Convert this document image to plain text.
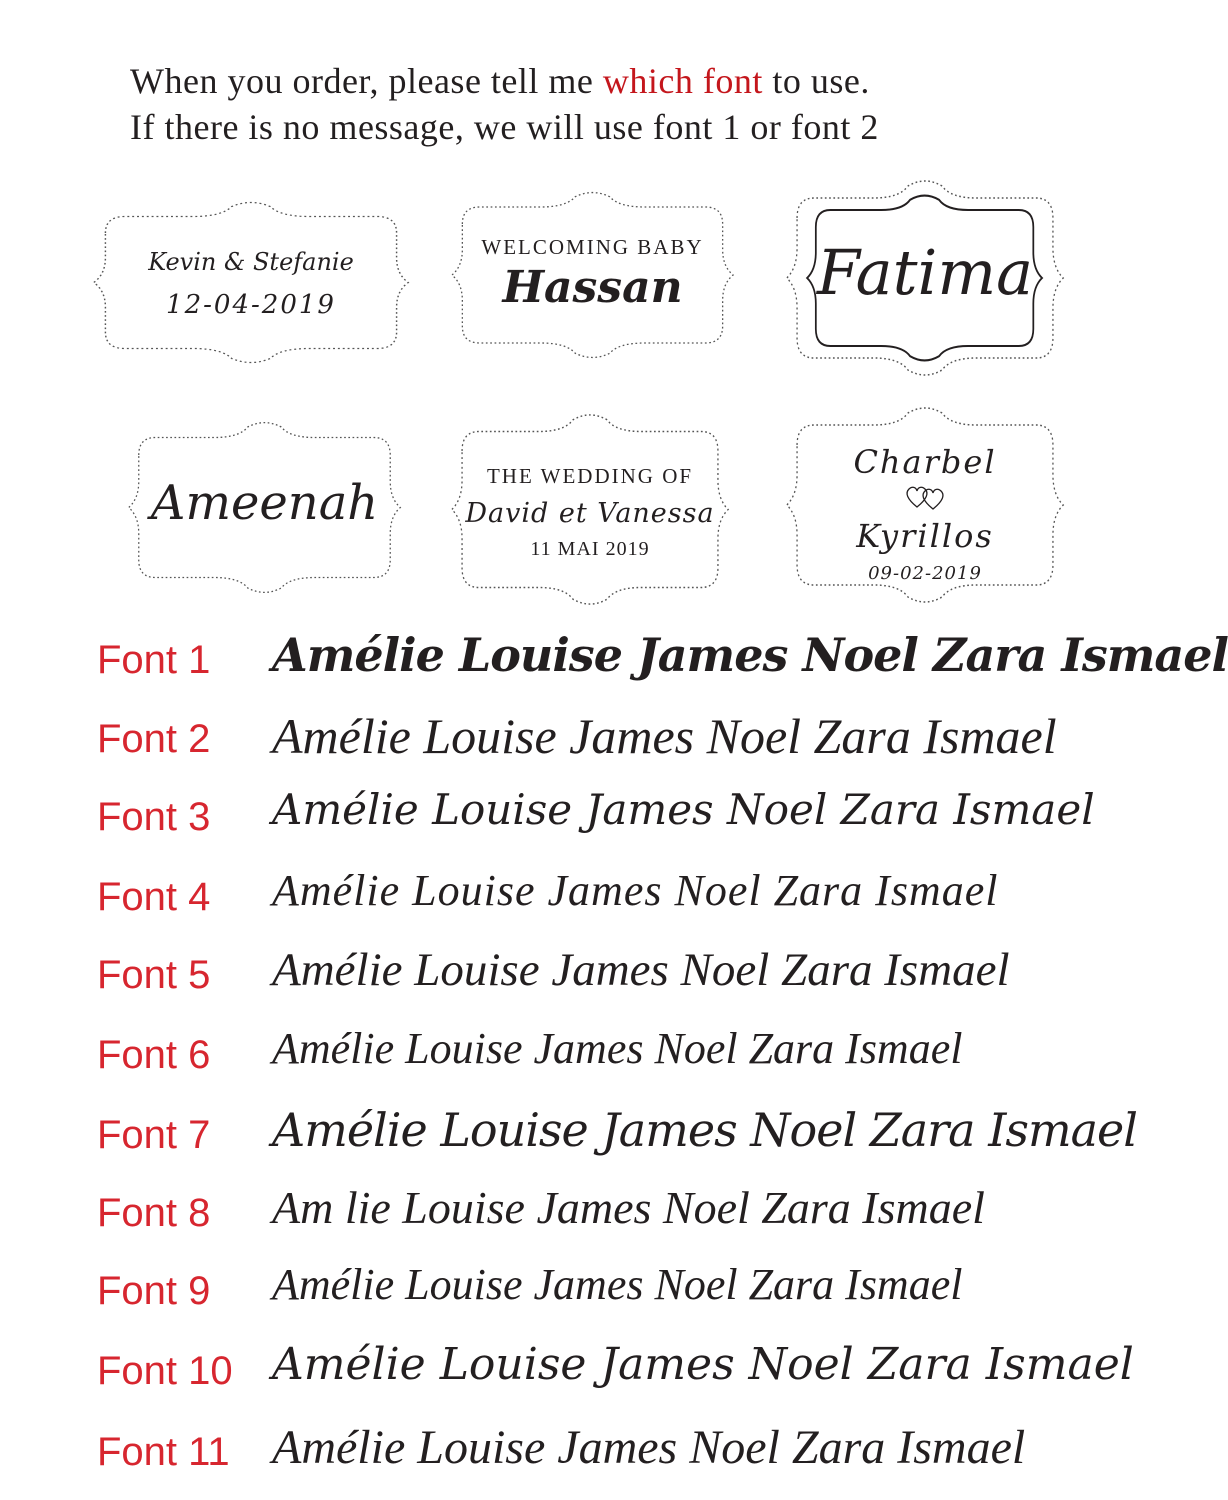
When you order, please tell me which font to use.
If there is no message, we will use font 1 or font 2
Kevin & Stefanie
12-04-2019
WELCOMING BABY
Hassan	Fatima
Ameenah	THE WEDDING OF
David et Vanessa
11 MAI 2019
Charbel
Kyrillos
09-02-2019
Font 1 Amélie Louise James Noel Zara Ismael
Font 2 Amélie Louise James Noel Zara Ismael
Font 3 Amélie Louise James Noel Zara Ismael
Font 4 Amélie Louise James Noel Zara Ismael
Font 5 Amélie Louise James Noel Zara Ismael
Font 6 Amélie Louise James Noel Zara Ismael
Font 7 Amélie Louise James Noel Zara Ismael
Font 8 Am lie Louise James Noel Zara Ismael
Font 9 Amélie Louise James Noel Zara Ismael
Font 10 Amélie Louise James Noel Zara Ismael
Font 11 Amélie Louise James Noel Zara Ismael
